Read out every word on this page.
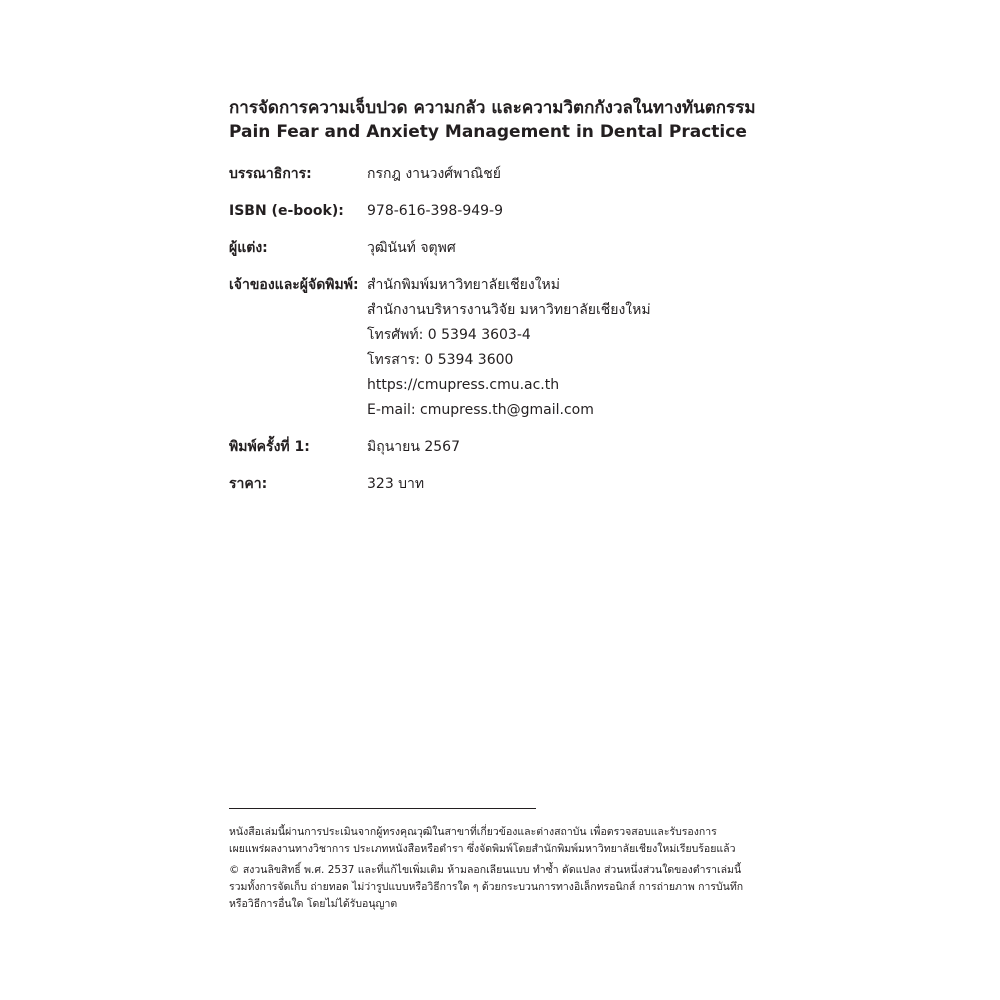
การจัดการความเจ็บปวด ความกลัว และความวิตกกังวลในทางทันตกรรม
Pain Fear and Anxiety Management in Dental Practice
บรรณาธิการ:	กรกฎ งานวงศ์พาณิชย์
ISBN (e-book):	978-616-398-949-9
ผู้แต่ง:	วุฒินันท์ จตุพศ
เจ้าของและผู้จัดพิมพ์: สำนักพิมพ์มหาวิทยาลัยเชียงใหม่
สำนักงานบริหารงานวิจัย มหาวิทยาลัยเชียงใหม่
โทรศัพท์: 0 5394 3603-4
โทรสาร: 0 5394 3600
https://cmupress.cmu.ac.th
E-mail: cmupress.th@gmail.com
พิมพ์ครั้งที่ 1:	มิถุนายน 2567
ราคา:	323 บาท
หนังสือเล่มนี้ผ่านการประเมินจากผู้ทรงคุณวุฒิในสาขาที่เกี่ยวข้องและต่างสถาบัน เพื่อตรวจสอบและรับรองการ
เผยแพร่ผลงานทางวิชาการ ประเภทหนังสือหรือตำรา ซึ่งจัดพิมพ์โดยสำนักพิมพ์มหาวิทยาลัยเชียงใหม่เรียบร้อยแล้ว
© สงวนลิขสิทธิ์ พ.ศ. 2537 และที่แก้ไขเพิ่มเติม ห้ามลอกเลียนแบบ ทำซ้ำ ดัดแปลง ส่วนหนึ่งส่วนใดของตำราเล่มนี้
รวมทั้งการจัดเก็บ ถ่ายทอด ไม่ว่ารูปแบบหรือวิธีการใด ๆ ด้วยกระบวนการทางอิเล็กทรอนิกส์ การถ่ายภาพ การบันทึก
หรือวิธีการอื่นใด โดยไม่ได้รับอนุญาต
